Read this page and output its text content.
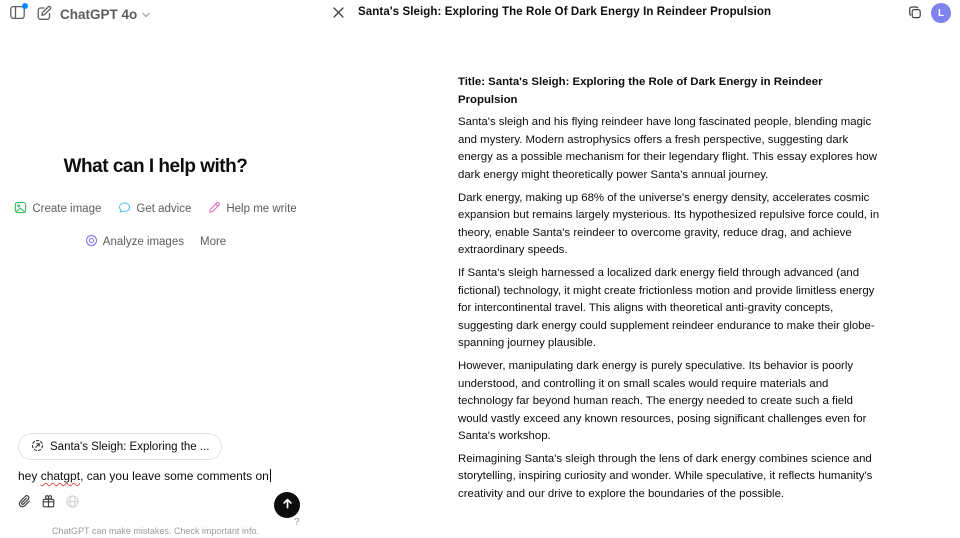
ChatGPT 4o	Santa's Sleigh: Exploring The Role Of Dark Energy In Reindeer Propulsion	L
What can I help with?
Create image	Get advice	Help me write
Analyze images More
Santa's Sleigh: Exploring the ...
hey chatgpt, can you leave some comments on
ChatGPT can make mistakes. Check important info.
?
Title: Santa's Sleigh: Exploring the Role of Dark Energy in Reindeer Propulsion

Santa's sleigh and his flying reindeer have long fascinated people, blending magic and mystery. Modern astrophysics offers a fresh perspective, suggesting dark energy as a possible mechanism for their legendary flight. This essay explores how dark energy might theoretically power Santa's annual journey.

Dark energy, making up 68% of the universe's energy density, accelerates cosmic expansion but remains largely mysterious. Its hypothesized repulsive force could, in theory, enable Santa's reindeer to overcome gravity, reduce drag, and achieve extraordinary speeds.

If Santa's sleigh harnessed a localized dark energy field through advanced (and fictional) technology, it might create frictionless motion and provide limitless energy for intercontinental travel. This aligns with theoretical anti-gravity concepts, suggesting dark energy could supplement reindeer endurance to make their globe-spanning journey plausible.

However, manipulating dark energy is purely speculative. Its behavior is poorly understood, and controlling it on small scales would require materials and technology far beyond human reach. The energy needed to create such a field would vastly exceed any known resources, posing significant challenges even for Santa's workshop.

Reimagining Santa's sleigh through the lens of dark energy combines science and storytelling, inspiring curiosity and wonder. While speculative, it reflects humanity's creativity and our drive to explore the boundaries of the possible.
